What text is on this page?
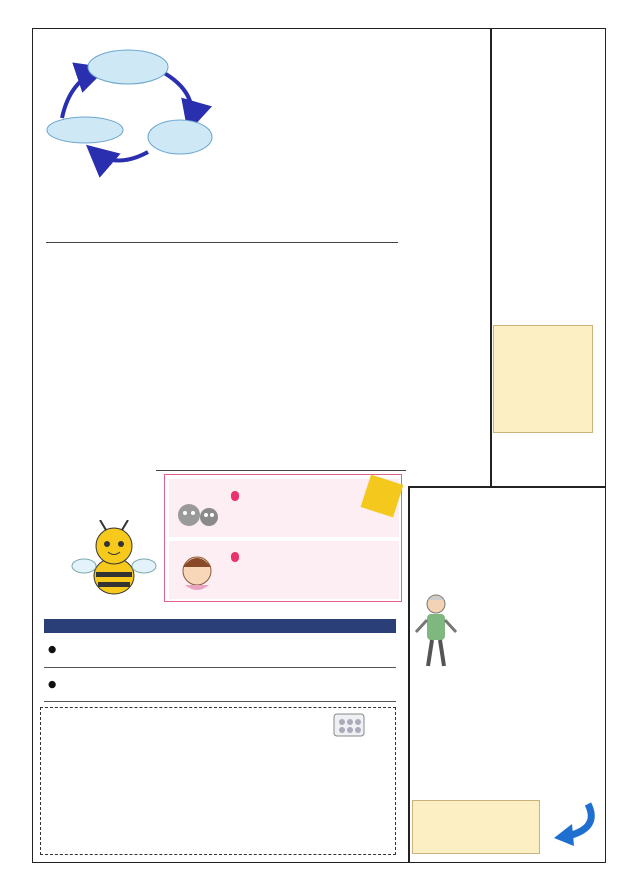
●		
●		
